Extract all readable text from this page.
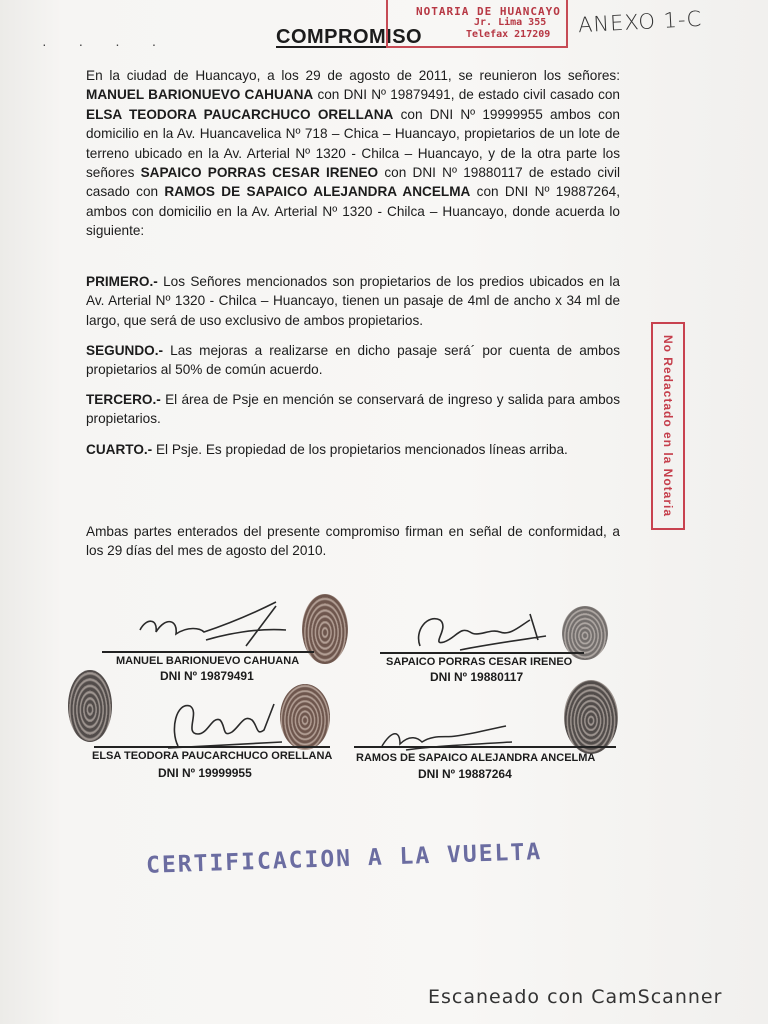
· · · ·	COMPROMISO
NOTARIA DE HUANCAYO
Jr. Lima 355
Telefax 217209 ANEXO 1-C
En la ciudad de Huancayo, a los 29 de agosto de 2011, se reunieron los señores: MANUEL BARIONUEVO CAHUANA con DNI Nº 19879491, de estado civil casado con ELSA TEODORA PAUCARCHUCO ORELLANA con DNI Nº 19999955 ambos con domicilio en la Av. Huancavelica Nº 718 – Chica – Huancayo, propietarios de un lote de terreno ubicado en la Av. Arterial Nº 1320 - Chilca – Huancayo, y de la otra parte los señores SAPAICO PORRAS CESAR IRENEO con DNI Nº 19880117 de estado civil casado con RAMOS DE SAPAICO ALEJANDRA ANCELMA con DNI Nº 19887264, ambos con domicilio en la Av. Arterial Nº 1320 - Chilca – Huancayo, donde acuerda lo siguiente:
PRIMERO.- Los Señores mencionados son propietarios de los predios ubicados en la Av. Arterial Nº 1320 - Chilca – Huancayo, tienen un pasaje de 4ml de ancho x 34 ml de largo, que será de uso exclusivo de ambos propietarios.
SEGUNDO.- Las mejoras a realizarse en dicho pasaje será´ por cuenta de ambos propietarios al 50% de común acuerdo.
TERCERO.- El área de Psje en mención se conservará de ingreso y salida para ambos propietarios.
CUARTO.- El Psje. Es propiedad de los propietarios mencionados líneas arriba.
Ambas partes enterados del presente compromiso firman en señal de conformidad, a los 29 días del mes de agosto del 2010.
No Redactado en la Notaria
MANUEL BARIONUEVO CAHUANA
DNI Nº 19879491
SAPAICO PORRAS CESAR IRENEO
DNI Nº 19880117
ELSA TEODORA PAUCARCHUCO ORELLANA
DNI Nº 19999955
RAMOS DE SAPAICO ALEJANDRA ANCELMA
DNI Nº 19887264
CERTIFICACION A LA VUELTA
Escaneado con CamScanner
